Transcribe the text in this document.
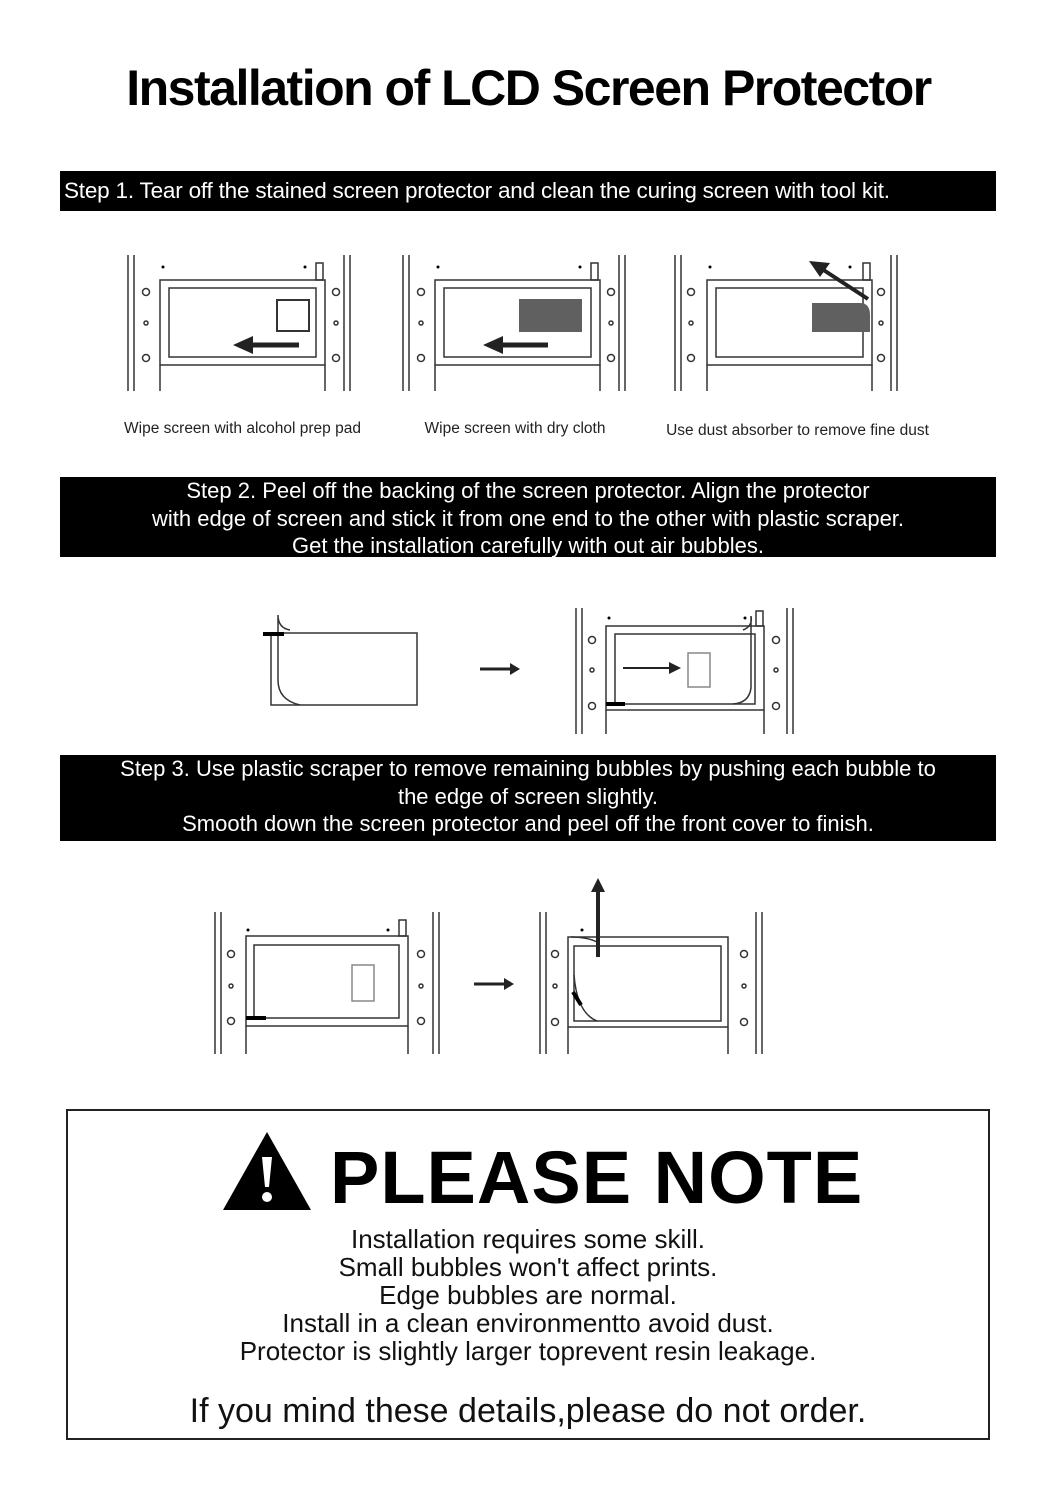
Installation of LCD Screen Protector
Step 1. Tear off the stained screen protector and clean the curing screen with tool kit.
Wipe screen with alcohol prep pad	Wipe screen with dry cloth	Use dust absorber to remove fine dust
Step 2. Peel off the backing of the screen protector. Align the protector
with edge of screen and stick it from one end to the other with plastic scraper.
Get the installation carefully with out air bubbles.
Step 3. Use plastic scraper to remove remaining bubbles by pushing each bubble to
the edge of screen slightly.
Smooth down the screen protector and peel off the front cover to finish.
PLEASE NOTE
Installation requires some skill.
Small bubbles won't affect prints.
Edge bubbles are normal.
Install in a clean environmentto avoid dust.
Protector is slightly larger toprevent resin leakage.
If you mind these details,please do not order.
